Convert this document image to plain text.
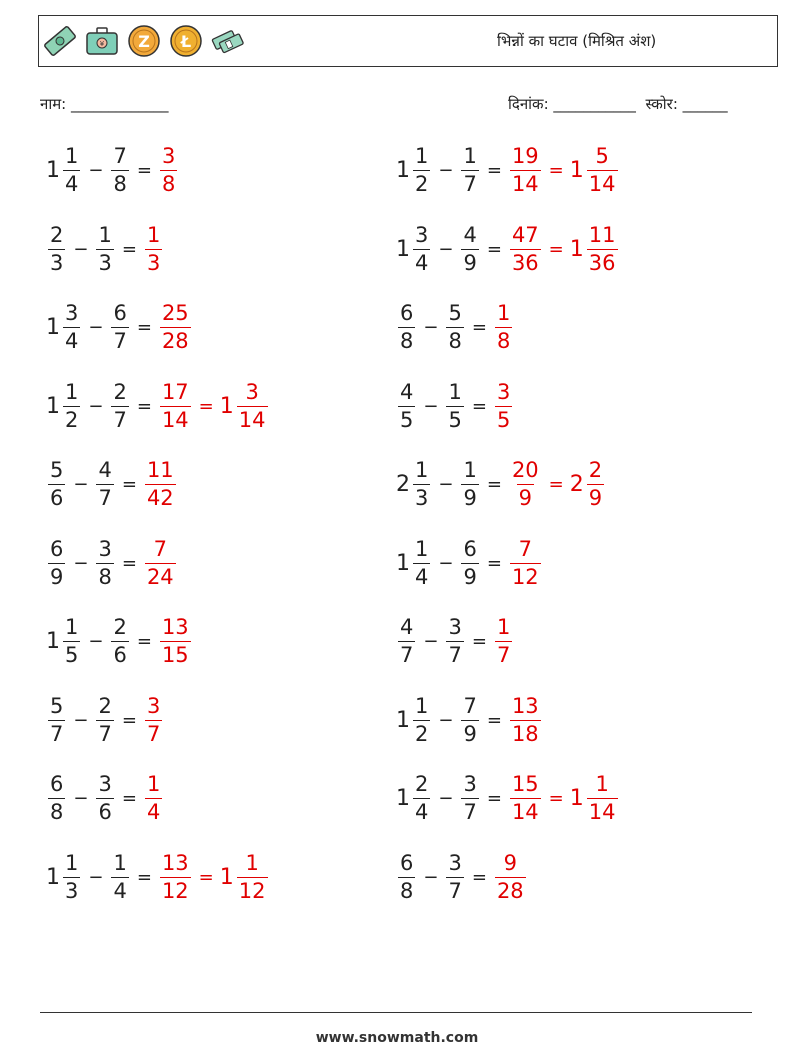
¥ Z Ł	भिन्नों का घटाव (मिश्रित अंश)
नाम: _____________	दिनांक: ___________  स्कोर: ______
$1 \frac{1}{4} - \frac{7}{8} = \frac{3}{8}$
$\frac{2}{3} - \frac{1}{3} = \frac{1}{3}$
$1 \frac{3}{4} - \frac{6}{7} = \frac{25}{28}$
$1 \frac{1}{2} - \frac{2}{7} = \frac{17}{14} = 1 \frac{3}{14}$
$\frac{5}{6} - \frac{4}{7} = \frac{11}{42}$
$\frac{6}{9} - \frac{3}{8} = \frac{7}{24}$
$1 \frac{1}{5} - \frac{2}{6} = \frac{13}{15}$
$\frac{5}{7} - \frac{2}{7} = \frac{3}{7}$
$\frac{6}{8} - \frac{3}{6} = \frac{1}{4}$
$1 \frac{1}{3} - \frac{1}{4} = \frac{13}{12} = 1 \frac{1}{12}$
$1 \frac{1}{2} - \frac{1}{7} = \frac{19}{14} = 1 \frac{5}{14}$
$1 \frac{3}{4} - \frac{4}{9} = \frac{47}{36} = 1 \frac{11}{36}$
$\frac{6}{8} - \frac{5}{8} = \frac{1}{8}$
$\frac{4}{5} - \frac{1}{5} = \frac{3}{5}$
$2 \frac{1}{3} - \frac{1}{9} = \frac{20}{9} = 2 \frac{2}{9}$
$1 \frac{1}{4} - \frac{6}{9} = \frac{7}{12}$
$\frac{4}{7} - \frac{3}{7} = \frac{1}{7}$
$1 \frac{1}{2} - \frac{7}{9} = \frac{13}{18}$
$1 \frac{2}{4} - \frac{3}{7} = \frac{15}{14} = 1 \frac{1}{14}$
$\frac{6}{8} - \frac{3}{7} = \frac{9}{28}$
www.snowmath.com
